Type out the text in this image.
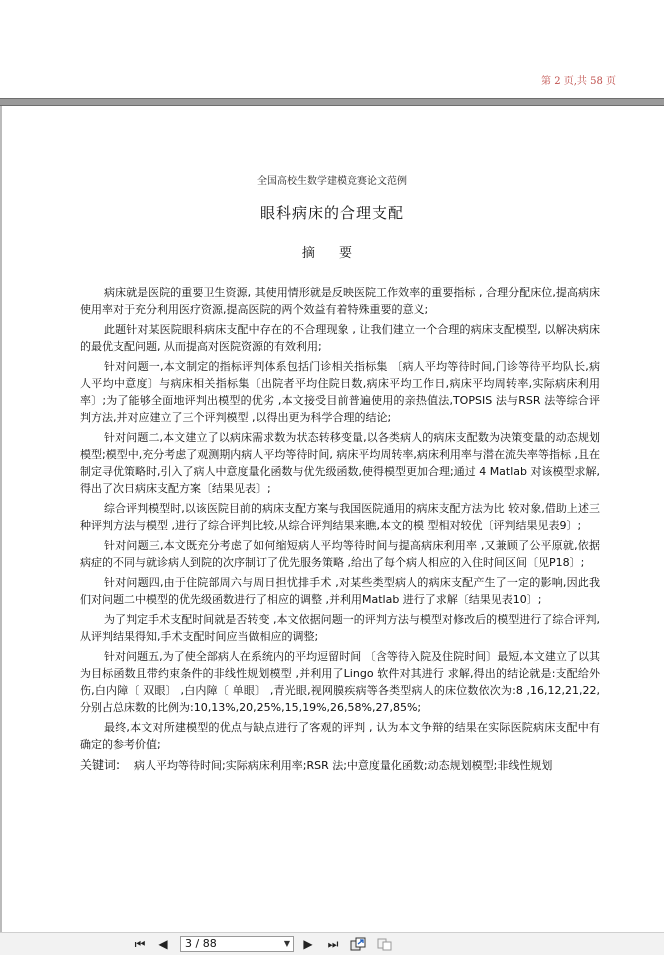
第 2 页,共 58 页
全国高校生数学建模竞赛论文范例
眼科病床的合理支配
摘 要

病床就是医院的重要卫生资源, 其使用情形就是反映医院工作效率的重要指标 , 合理分配床位,提高病床使用率对于充分利用医疗资源,提高医院的两个效益有着特殊重要的意义;

此题针对某医院眼科病床支配中存在的不合理现象 , 让我们建立一个合理的病床支配模型, 以解决病床的最优支配问题, 从而提高对医院资源的有效利用;

针对问题一,本文制定的指标评判体系包括门诊相关指标集 〔病人平均等待时间,门诊等待平均队长,病人平均中意度〕与病床相关指标集〔出院者平均住院日数,病床平均工作日,病床平均周转率,实际病床利用率〕;为了能够全面地评判出模型的优劣 ,本文接受目前普遍使用的亲热值法,TOPSIS 法与RSR 法等综合评判方法,并对应建立了三个评判模型 ,以得出更为科学合理的结论;

针对问题二,本文建立了以病床需求数为状态转移变量,以各类病人的病床支配数为决策变量的动态规划模型;模型中,充分考虑了观测期内病人平均等待时间, 病床平均周转率,病床利用率与潜在流失率等指标 ,且在制定寻优策略时,引入了病人中意度量化函数与优先级函数,使得模型更加合理;通过 4 Matlab 对该模型求解,得出了次日病床支配方案〔结果见表〕;

综合评判模型时,以该医院目前的病床支配方案与我国医院通用的病床支配方法为比 较对象,借助上述三种评判方法与模型 ,进行了综合评判比较,从综合评判结果来瞧,本文的模 型相对较优〔评判结果见表9〕;

针对问题三,本文既充分考虑了如何缩短病人平均等待时间与提高病床利用率 ,又兼顾了公平原就,依据病症的不同与就诊病人到院的次序制订了优先服务策略 ,给出了每个病人相应的入住时间区间〔见P18〕;

针对问题四,由于住院部周六与周日担忧排手术 ,对某些类型病人的病床支配产生了一定的影响,因此我们对问题二中模型的优先级函数进行了相应的调整 ,并利用Matlab 进行了求解〔结果见表10〕;

为了判定手术支配时间就是否转变 ,本文依据问题一的评判方法与模型对修改后的模型进行了综合评判,从评判结果得知,手术支配时间应当做相应的调整;

针对问题五,为了使全部病人在系统内的平均逗留时间 〔含等待入院及住院时间〕最短,本文建立了以其为目标函数且带约束条件的非线性规划模型 ,并利用了Lingo 软件对其进行 求解,得出的结论就是:支配给外伤,白内障〔 双眼〕 ,白内障〔 单眼〕 ,青光眼,视网膜疾病等各类型病人的床位数依次为:8 ,16,12,21,22, 分别占总床数的比例为:10,13%,20,25%,15,19%,26,58%,27,85%;

最终,本文对所建模型的优点与缺点进行了客观的评判 , 认为本文争辩的结果在实际医院病床支配中有确定的参考价值;

关键词: 病人平均等待时间;实际病床利用率;RSR 法;中意度量化函数;动态规划模型;非线性规划

⏮ ◀	3 / 88	▼ ▶ ⏭
